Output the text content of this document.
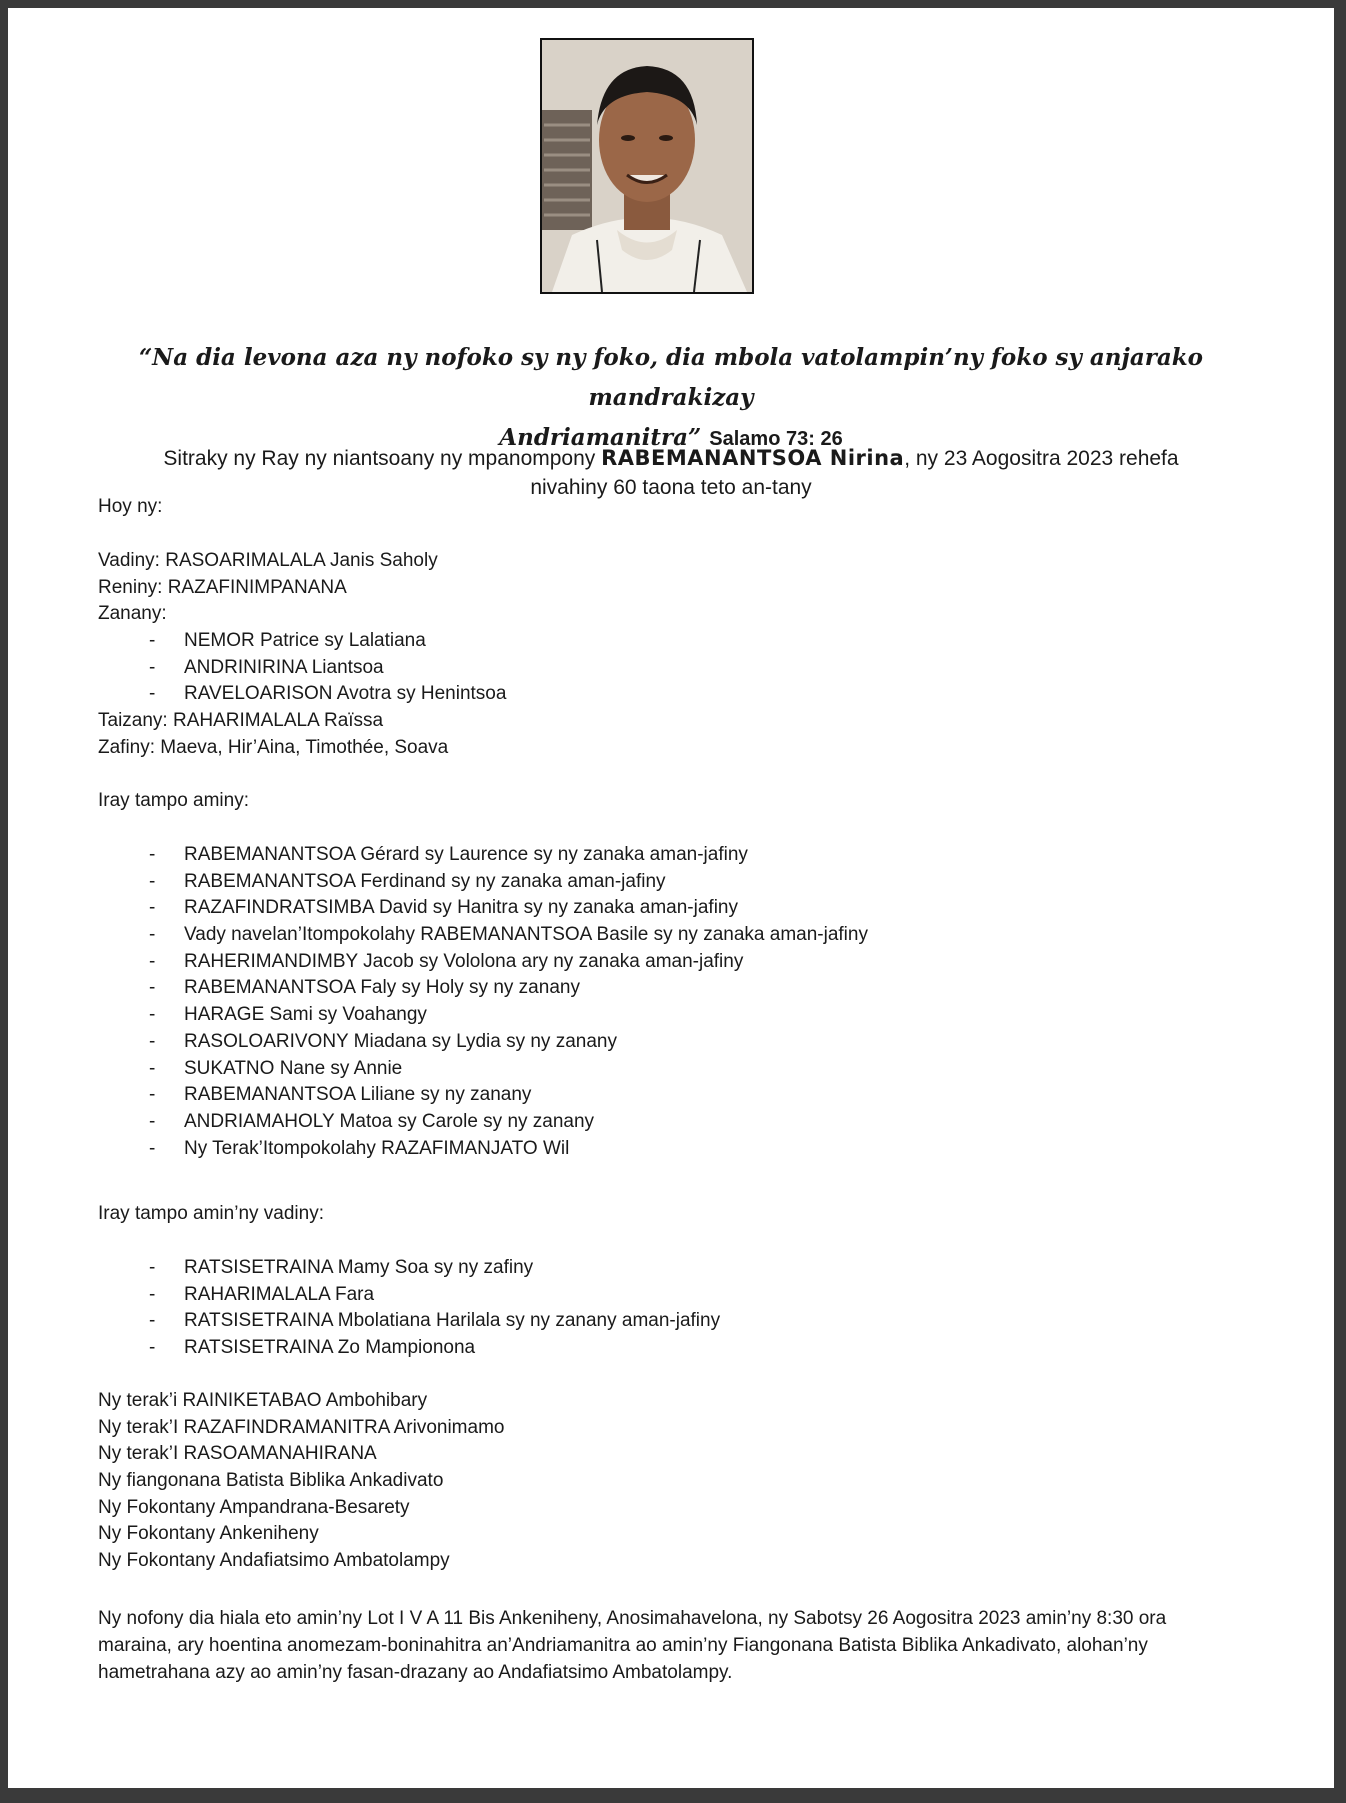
“Na dia levona aza ny nofoko sy ny foko, dia mbola vatolampin’ny foko sy anjarako mandrakizay
Andriamanitra” Salamo 73: 26
Sitraky ny Ray ny niantsoany ny mpanompony RABEMANANTSOA Nirina, ny 23 Aogositra 2023 rehefa
nivahiny 60 taona teto an-tany
Hoy ny:
Vadiny: RASOARIMALALA Janis Saholy
Reniny: RAZAFINIMPANANA
Zanany:
- NEMOR Patrice sy Lalatiana
- ANDRINIRINA Liantsoa
- RAVELOARISON Avotra sy Henintsoa
Taizany: RAHARIMALALA Raïssa
Zafiny: Maeva, Hir’Aina, Timothée, Soava
Iray tampo aminy:
- RABEMANANTSOA Gérard sy Laurence sy ny zanaka aman-jafiny
- RABEMANANTSOA Ferdinand sy ny zanaka aman-jafiny
- RAZAFINDRATSIMBA David sy Hanitra sy ny zanaka aman-jafiny
- Vady navelan’Itompokolahy RABEMANANTSOA Basile sy ny zanaka aman-jafiny
- RAHERIMANDIMBY Jacob sy Vololona ary ny zanaka aman-jafiny
- RABEMANANTSOA Faly sy Holy sy ny zanany
- HARAGE Sami sy Voahangy
- RASOLOARIVONY Miadana sy Lydia sy ny zanany
- SUKATNO Nane sy Annie
- RABEMANANTSOA Liliane sy ny zanany
- ANDRIAMAHOLY Matoa sy Carole sy ny zanany
- Ny Terak’Itompokolahy RAZAFIMANJATO Wil
Iray tampo amin’ny vadiny:
- RATSISETRAINA Mamy Soa sy ny zafiny
- RAHARIMALALA Fara
- RATSISETRAINA Mbolatiana Harilala sy ny zanany aman-jafiny
- RATSISETRAINA Zo Mampionona
Ny terak’i RAINIKETABAO Ambohibary
Ny terak’I RAZAFINDRAMANITRA Arivonimamo
Ny terak’I RASOAMANAHIRANA
Ny fiangonana Batista Biblika Ankadivato
Ny Fokontany Ampandrana-Besarety
Ny Fokontany Ankeniheny
Ny Fokontany Andafiatsimo Ambatolampy
Ny nofony dia hiala eto amin’ny Lot I V A 11 Bis Ankeniheny, Anosimahavelona, ny Sabotsy 26 Aogositra 2023 amin’ny 8:30 ora
maraina, ary hoentina anomezam-boninahitra an’Andriamanitra ao amin’ny Fiangonana Batista Biblika Ankadivato, alohan’ny
hametrahana azy ao amin’ny fasan-drazany ao Andafiatsimo Ambatolampy.
